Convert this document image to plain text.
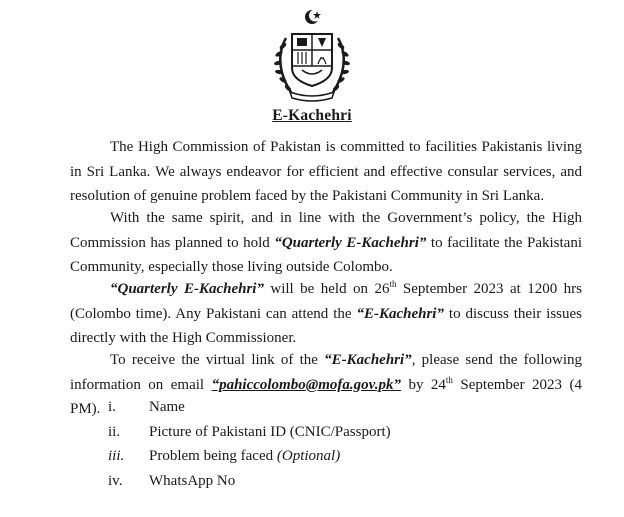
E-Kachehri
The High Commission of Pakistan is committed to facilities Pakistanis living in Sri Lanka. We always endeavor for efficient and effective consular services, and resolution of genuine problem faced by the Pakistani Community in Sri Lanka.
With the same spirit, and in line with the Government’s policy, the High Commission has planned to hold “Quarterly E-Kachehri” to facilitate the Pakistani Community, especially those living outside Colombo.
“Quarterly E-Kachehri” will be held on 26th September 2023 at 1200 hrs (Colombo time). Any Pakistani can attend the “E-Kachehri” to discuss their issues directly with the High Commissioner.
To receive the virtual link of the “E-Kachehri”, please send the following information on email “pahiccolombo@mofa.gov.pk” by 24th September 2023 (4 PM). i. Name
ii. Picture of Pakistani ID (CNIC/Passport)
iii. Problem being faced (Optional)
iv. WhatsApp No
